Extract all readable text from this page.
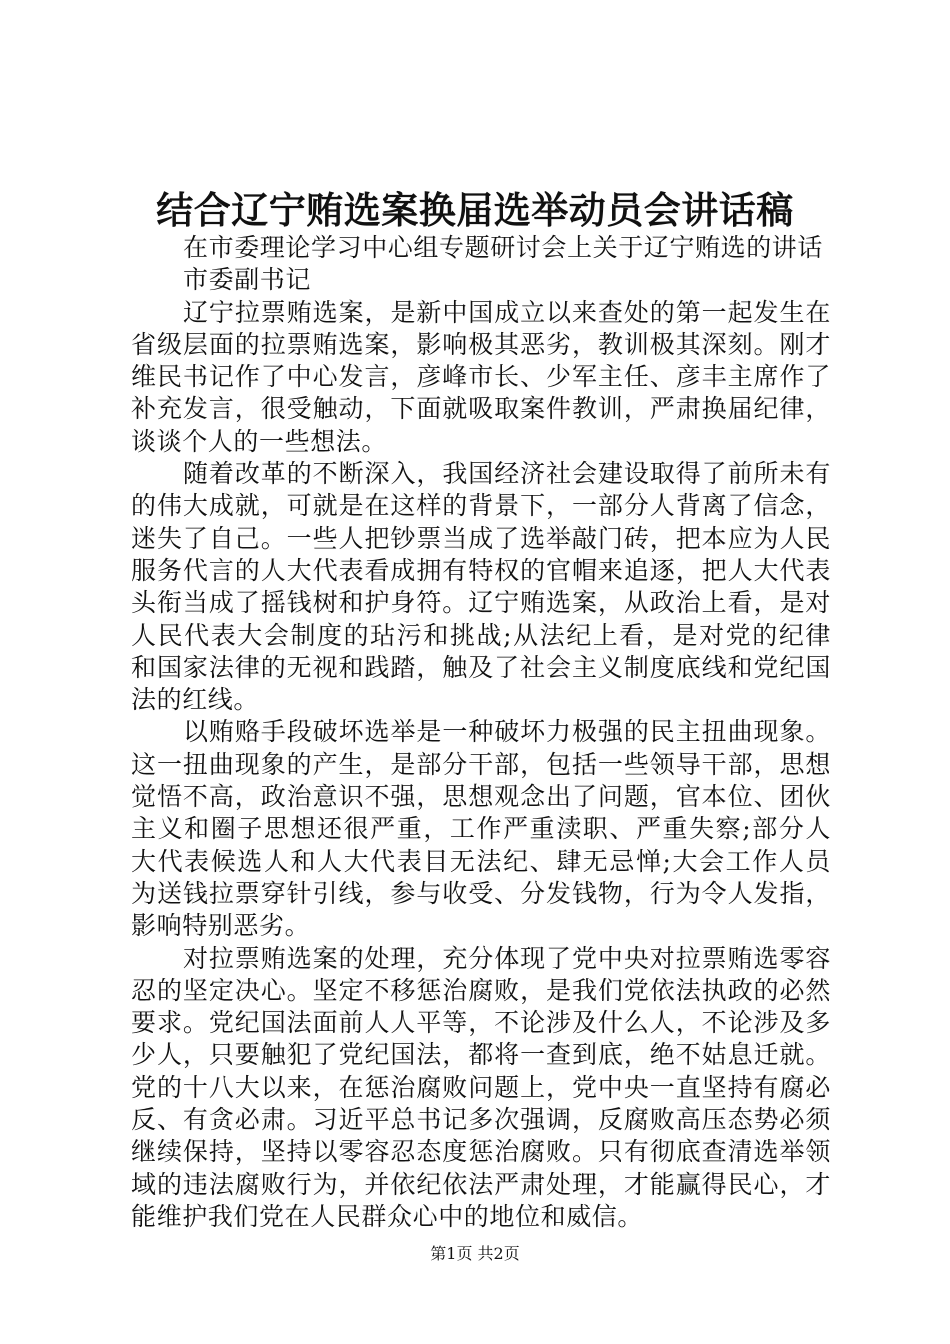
结合辽宁贿选案换届选举动员会讲话稿

在市委理论学习中心组专题研讨会上关于辽宁贿选的讲话

市委副书记

辽宁拉票贿选案，是新中国成立以来查处的第一起发生在省级层面的拉票贿选案，影响极其恶劣，教训极其深刻。刚才维民书记作了中心发言，彦峰市长、少军主任、彦丰主席作了补充发言，很受触动，下面就吸取案件教训，严肃换届纪律，谈谈个人的一些想法。

随着改革的不断深入，我国经济社会建设取得了前所未有的伟大成就，可就是在这样的背景下，一部分人背离了信念，迷失了自己。一些人把钞票当成了选举敲门砖，把本应为人民服务代言的人大代表看成拥有特权的官帽来追逐，把人大代表头衔当成了摇钱树和护身符。辽宁贿选案，从政治上看，是对人民代表大会制度的玷污和挑战;从法纪上看，是对党的纪律和国家法律的无视和践踏，触及了社会主义制度底线和党纪国法的红线。

以贿赂手段破坏选举是一种破坏力极强的民主扭曲现象。这一扭曲现象的产生，是部分干部，包括一些领导干部，思想觉悟不高，政治意识不强，思想观念出了问题，官本位、团伙主义和圈子思想还很严重，工作严重渎职、严重失察;部分人大代表候选人和人大代表目无法纪、肆无忌惮;大会工作人员为送钱拉票穿针引线，参与收受、分发钱物，行为令人发指，影响特别恶劣。

对拉票贿选案的处理，充分体现了党中央对拉票贿选零容忍的坚定决心。坚定不移惩治腐败，是我们党依法执政的必然要求。党纪国法面前人人平等，不论涉及什么人，不论涉及多少人，只要触犯了党纪国法，都将一查到底，绝不姑息迁就。党的十八大以来，在惩治腐败问题上，党中央一直坚持有腐必反、有贪必肃。习近平总书记多次强调，反腐败高压态势必须继续保持，坚持以零容忍态度惩治腐败。只有彻底查清选举领域的违法腐败行为，并依纪依法严肃处理，才能赢得民心，才能维护我们党在人民群众心中的地位和威信。

第1页 共2页
